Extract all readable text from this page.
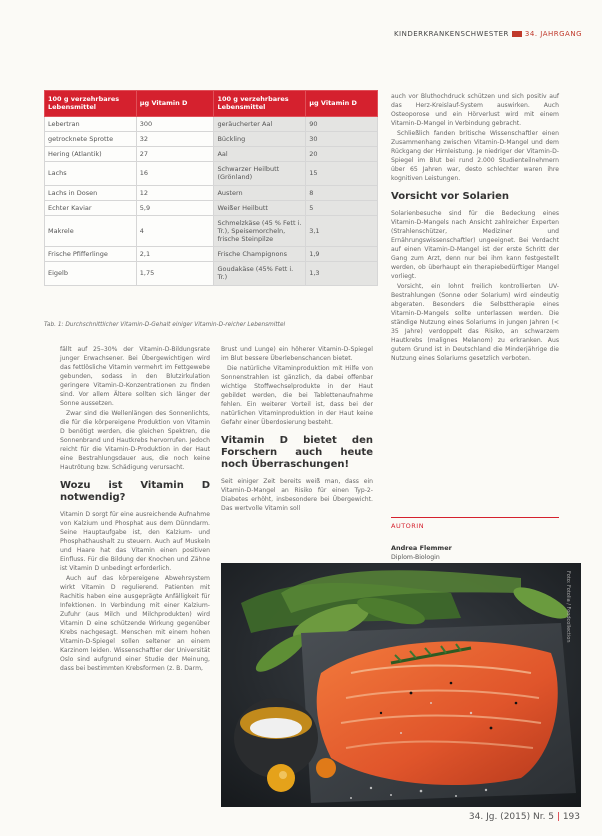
KINDERKRANKENSCHWESTER 34. JAHRGANG
100 g verzehrbares Lebensmittel	µg Vitamin D	100 g verzehrbares Lebensmittel	µg Vitamin D
Lebertran	300	geräucherter Aal	90
getrocknete Sprotte	32	Bückling	30
Hering (Atlantik)	27	Aal	20
Lachs	16	Schwarzer Heilbutt (Grönland)	15
Lachs in Dosen	12	Austern	8
Echter Kaviar	5,9	Weißer Heilbutt	5
Makrele	4	Schmelzkäse (45 % Fett i. Tr.), Speisemorcheln, frische Steinpilze	3,1
Frische Pfifferlinge	2,1	Frische Champignons	1,9
Eigelb	1,75	Goudakäse (45% Fett i. Tr.)	1,3
Tab. 1: Durchschnittlicher Vitamin-D-Gehalt einiger Vitamin-D-reicher Lebensmittel

fällt auf 25–30% der Vitamin-D-Bildungsrate junger Erwachsener. Bei Übergewichtigen wird das fettlösliche Vitamin vermehrt im Fettgewebe gebunden, sodass in den Blutzirkulation geringere Vitamin-D-Konzentrationen zu finden sind. Vor allem Ältere sollten sich länger der Sonne aussetzen.

Zwar sind die Wellenlängen des Sonnenlichts, die für die körpereigene Produktion von Vitamin D benötigt werden, die gleichen Spektren, die Sonnenbrand und Hautkrebs hervorrufen. Jedoch reicht für die Vitamin-D-Produktion in der Haut eine Bestrahlungsdauer aus, die noch keine Hautrötung bzw. Schädigung verursacht.

Wozu ist Vitamin D notwendig?

Vitamin D sorgt für eine ausreichende Aufnahme von Kalzium und Phosphat aus dem Dünndarm. Seine Hauptaufgabe ist, den Kalzium- und Phosphathaushalt zu steuern. Auch auf Muskeln und Haare hat das Vitamin einen positiven Einfluss. Für die Bildung der Knochen und Zähne ist Vitamin D unbedingt erforderlich.

Auch auf das körpereigene Abwehrsystem wirkt Vitamin D regulierend. Patienten mit Rachitis haben eine ausgeprägte Anfälligkeit für Infektionen. In Verbindung mit einer Kalzium-Zufuhr (aus Milch und Milchprodukten) wird Vitamin D eine schützende Wirkung gegenüber Krebs nachgesagt. Menschen mit einem hohen Vitamin-D-Spiegel sollen seltener an einem Karzinom leiden. Wissenschaftler der Universität Oslo sind aufgrund einer Studie der Meinung, dass bei bestimmten Krebsformen (z. B. Darm,

Brust und Lunge) ein höherer Vitamin-D-Spiegel im Blut bessere Überlebenschancen bietet.

Die natürliche Vitaminproduktion mit Hilfe von Sonnenstrahlen ist gänzlich, da dabei offenbar wichtige Stoffwechselprodukte in der Haut gebildet werden, die bei Tablettenaufnahme fehlen. Ein weiterer Vorteil ist, dass bei der natürlichen Vitaminproduktion in der Haut keine Gefahr einer Überdosierung besteht.

Vitamin D bietet den Forschern auch heute noch Überraschungen!

Seit einiger Zeit bereits weiß man, dass ein Vitamin-D-Mangel an Risiko für einen Typ-2-Diabetes erhöht, insbesondere bei Übergewicht. Das wertvolle Vitamin soll

auch vor Bluthochdruck schützen und sich positiv auf das Herz-Kreislauf-System auswirken. Auch Osteoporose und ein Hörverlust wird mit einem Vitamin-D-Mangel in Verbindung gebracht.

Schließlich fanden britische Wissenschaftler einen Zusammenhang zwischen Vitamin-D-Mangel und dem Rückgang der Hirnleistung. Je niedriger der Vitamin-D-Spiegel im Blut bei rund 2.000 Studienteilnehmern über 65 Jahren war, desto schlechter waren ihre kognitiven Leistungen.

Vorsicht vor Solarien

Solarienbesuche sind für die Bedeckung eines Vitamin-D-Mangels nach Ansicht zahlreicher Experten (Strahlenschützer, Mediziner und Ernährungswissenschaftler) ungeeignet. Bei Verdacht auf einen Vitamin-D-Mangel ist der erste Schritt der Gang zum Arzt, denn nur bei ihm kann festgestellt werden, ob überhaupt ein therapiebedürftiger Mangel vorliegt.

Vorsicht, ein lohnt freilich kontrollierten UV-Bestrahlungen (Sonne oder Solarium) wird eindeutig abgeraten. Besonders die Selbsttherapie eines Vitamin-D-Mangels sollte unterlassen werden. Die ständige Nutzung eines Solariums in jungen Jahren (< 35 Jahre) verdoppelt das Risiko, an schwarzem Hautkrebs (malignes Melanom) zu erkranken. Aus gutem Grund ist in Deutschland die Minderjährige die Nutzung eines Solariums gesetzlich verboten.

AUTORIN
Andrea Flemmer
Diplom-Biologin
Foto: Fotolia / Foodcollection
34. Jg. (2015) Nr. 5 | 193
